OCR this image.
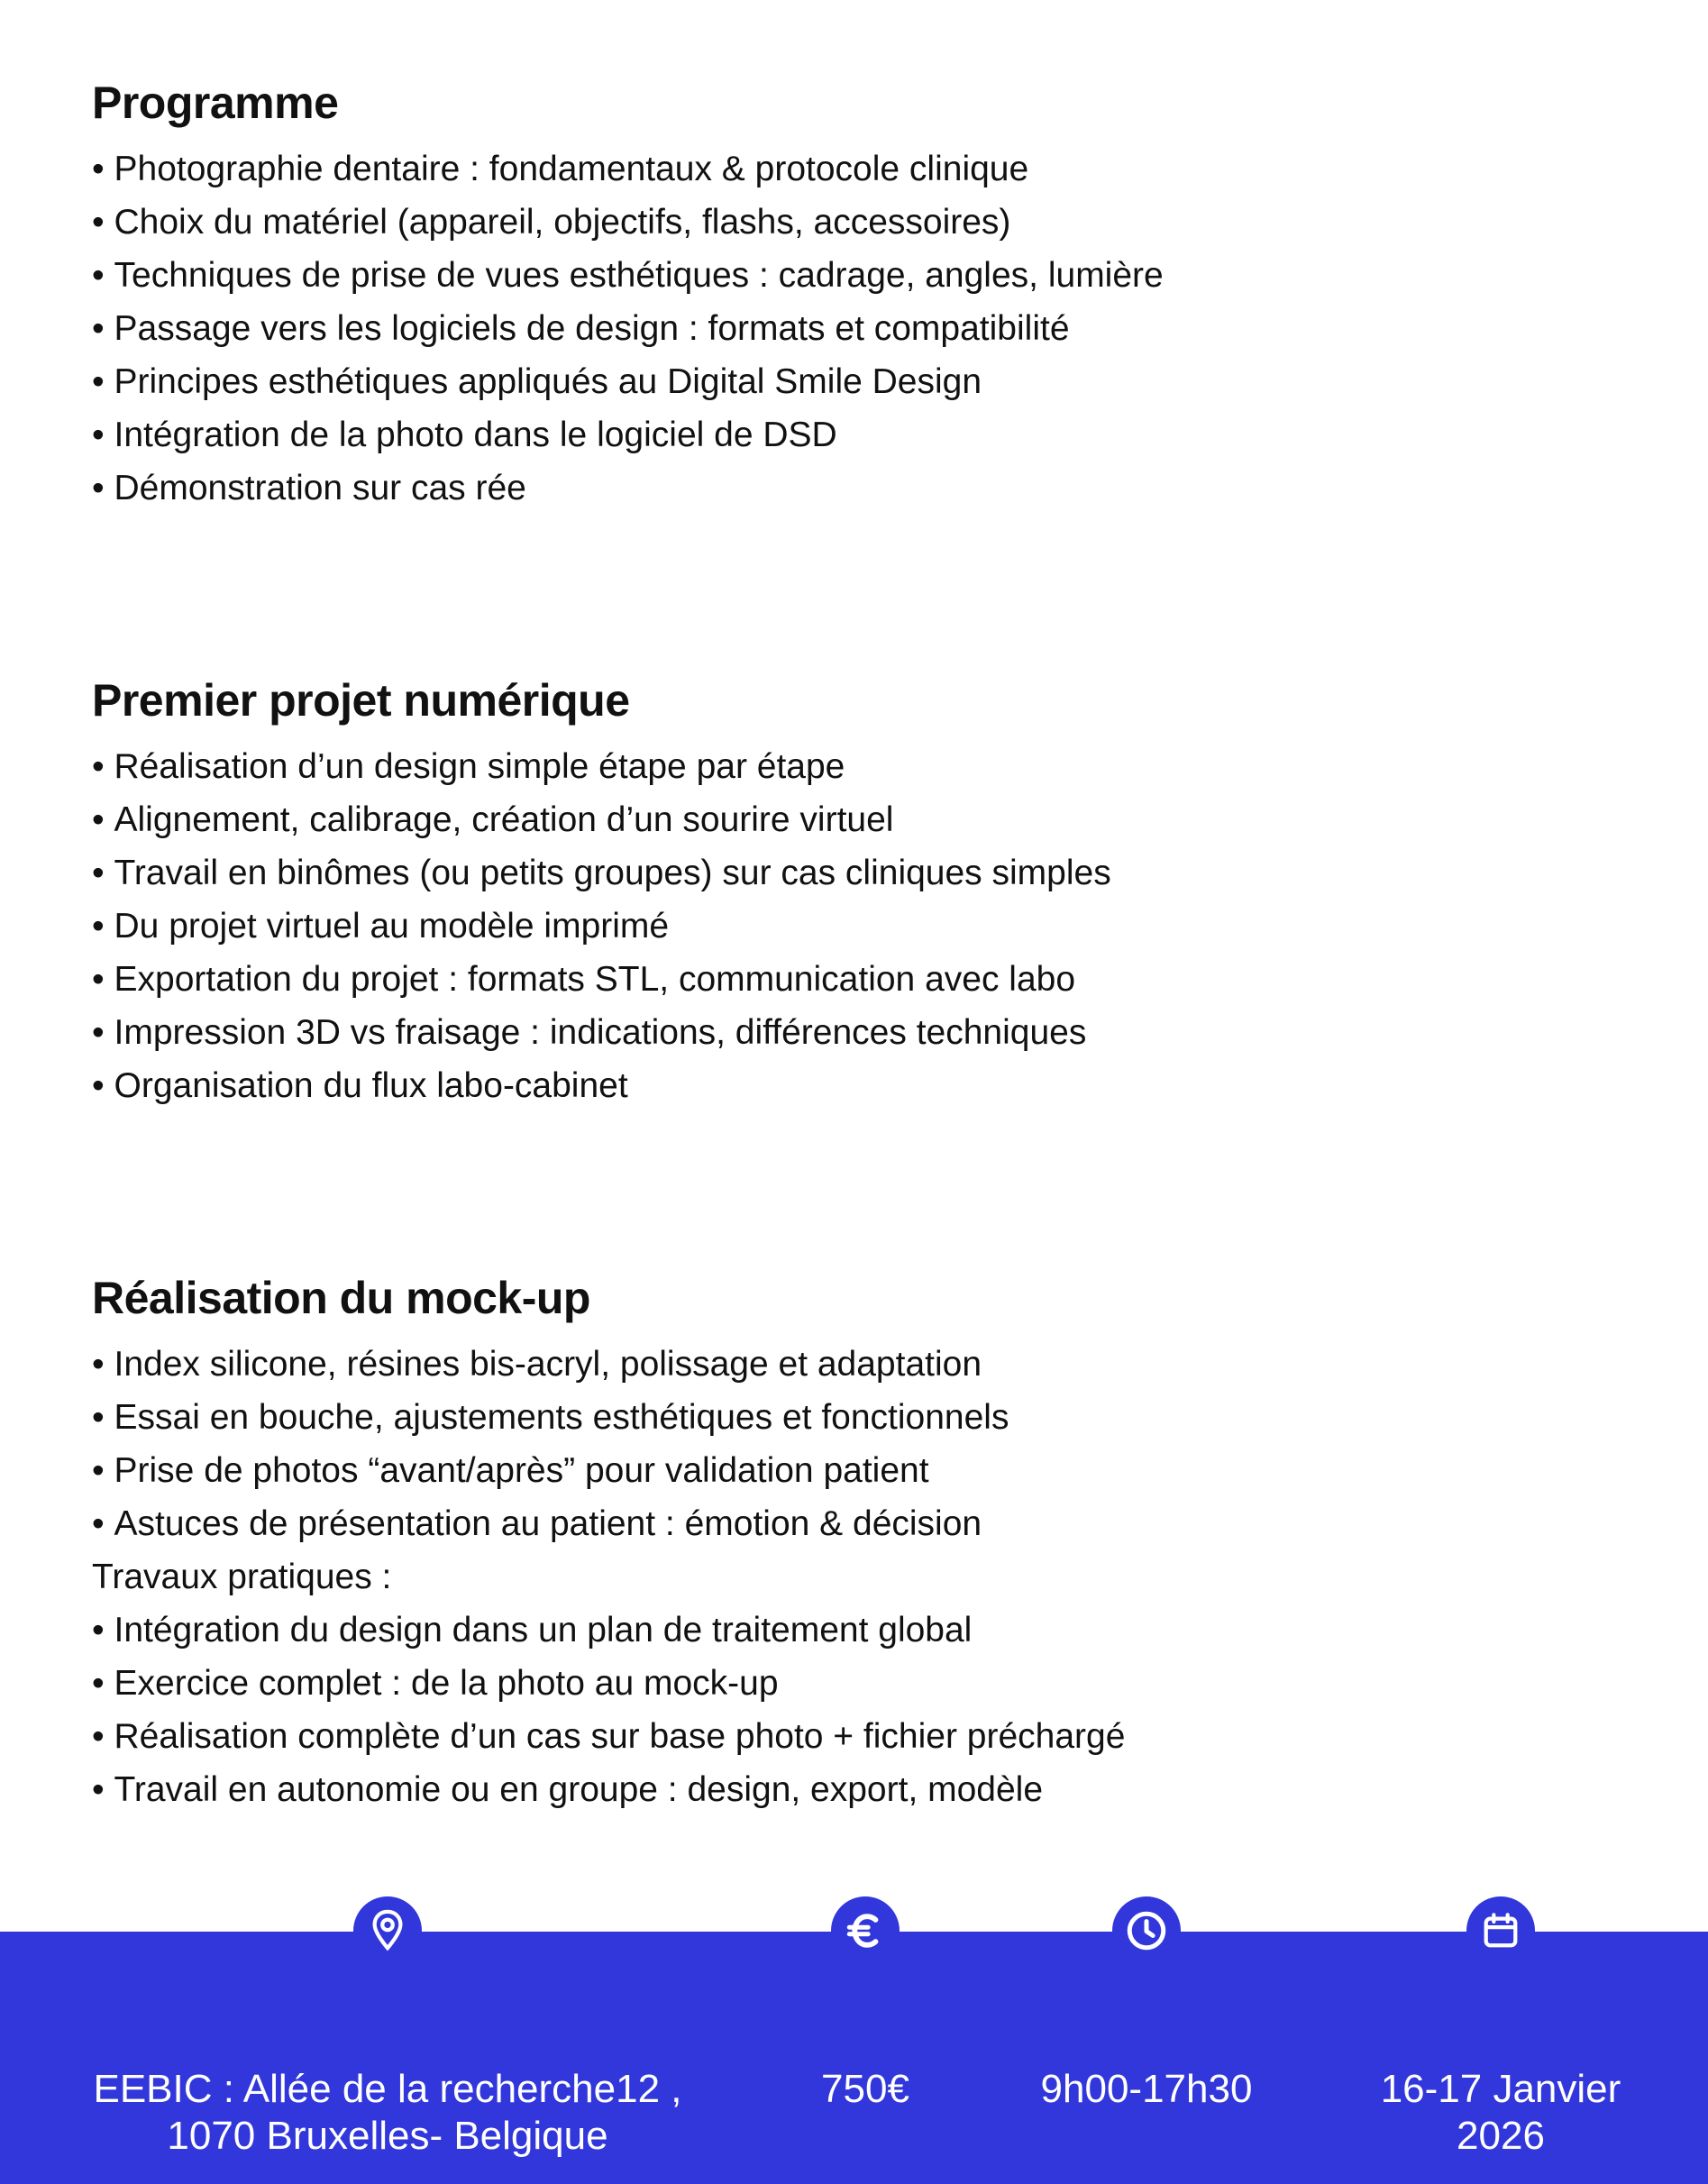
Programme
• Photographie dentaire : fondamentaux & protocole clinique
• Choix du matériel (appareil, objectifs, flashs, accessoires)
• Techniques de prise de vues esthétiques : cadrage, angles, lumière
• Passage vers les logiciels de design : formats et compatibilité
• Principes esthétiques appliqués au Digital Smile Design
• Intégration de la photo dans le logiciel de DSD
• Démonstration sur cas rée
Premier projet numérique
• Réalisation d’un design simple étape par étape
• Alignement, calibrage, création d’un sourire virtuel
• Travail en binômes (ou petits groupes) sur cas cliniques simples
• Du projet virtuel au modèle imprimé
• Exportation du projet : formats STL, communication avec labo
• Impression 3D vs fraisage : indications, différences techniques
• Organisation du flux labo-cabinet
Réalisation du mock-up
• Index silicone, résines bis-acryl, polissage et adaptation
• Essai en bouche, ajustements esthétiques et fonctionnels
• Prise de photos “avant/après” pour validation patient
• Astuces de présentation au patient : émotion & décision
Travaux pratiques :
• Intégration du design dans un plan de traitement global
• Exercice complet : de la photo au mock-up
• Réalisation complète d’un cas sur base photo + fichier préchargé
• Travail en autonomie ou en groupe : design, export, modèle
EEBIC : Allée de la recherche12 ,
1070 Bruxelles- Belgique
750€	9h00-17h30	16-17 Janvier
2026
